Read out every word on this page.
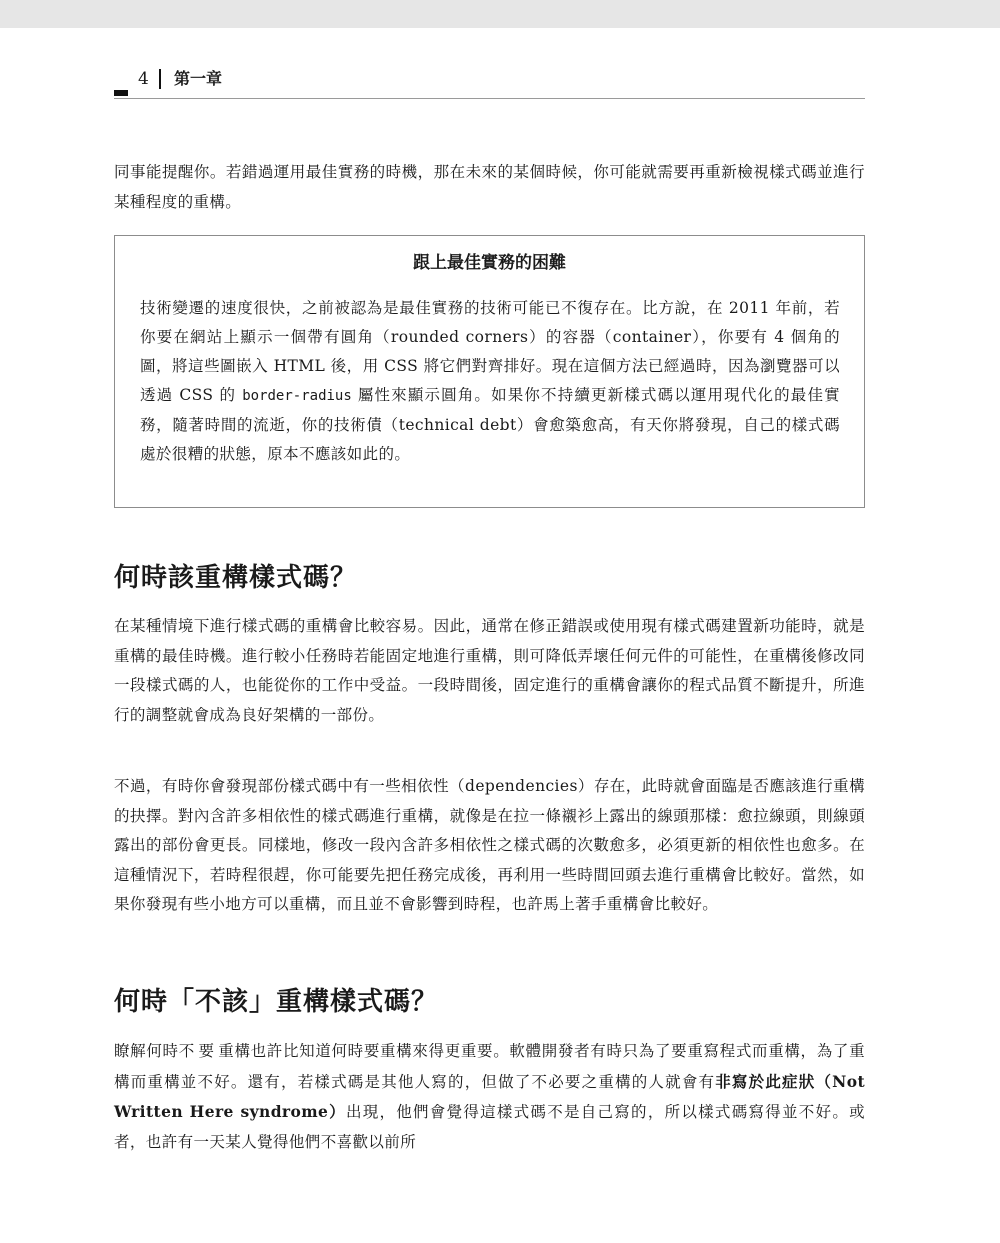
4 第一章

同事能提醒你。若錯過運用最佳實務的時機，那在未來的某個時候，你可能就需要再重新檢視樣式碼並進行某種程度的重構。

跟上最佳實務的困難

技術變遷的速度很快，之前被認為是最佳實務的技術可能已不復存在。比方說，在 2011 年前，若你要在網站上顯示一個帶有圓角（rounded corners）的容器（container），你要有 4 個角的圖，將這些圖嵌入 HTML 後，用 CSS 將它們對齊排好。現在這個方法已經過時，因為瀏覽器可以透過 CSS 的 border-radius 屬性來顯示圓角。如果你不持續更新樣式碼以運用現代化的最佳實務，隨著時間的流逝，你的技術債（technical debt）會愈築愈高，有天你將發現，自己的樣式碼處於很糟的狀態，原本不應該如此的。

何時該重構樣式碼？

在某種情境下進行樣式碼的重構會比較容易。因此，通常在修正錯誤或使用現有樣式碼建置新功能時，就是重構的最佳時機。進行較小任務時若能固定地進行重構，則可降低弄壞任何元件的可能性，在重構後修改同一段樣式碼的人，也能從你的工作中受益。一段時間後，固定進行的重構會讓你的程式品質不斷提升，所進行的調整就會成為良好架構的一部份。

不過，有時你會發現部份樣式碼中有一些相依性（dependencies）存在，此時就會面臨是否應該進行重構的抉擇。對內含許多相依性的樣式碼進行重構，就像是在拉一條襯衫上露出的線頭那樣：愈拉線頭，則線頭露出的部份會更長。同樣地，修改一段內含許多相依性之樣式碼的次數愈多，必須更新的相依性也愈多。在這種情況下，若時程很趕，你可能要先把任務完成後，再利用一些時間回頭去進行重構會比較好。當然，如果你發現有些小地方可以重構，而且並不會影響到時程，也許馬上著手重構會比較好。

何時「不該」重構樣式碼？

瞭解何時不要重構也許比知道何時要重構來得更重要。軟體開發者有時只為了要重寫程式而重構，為了重構而重構並不好。還有，若樣式碼是其他人寫的，但做了不必要之重構的人就會有非寫於此症狀（Not Written Here syndrome）出現，他們會覺得這樣式碼不是自己寫的，所以樣式碼寫得並不好。或者，也許有一天某人覺得他們不喜歡以前所
